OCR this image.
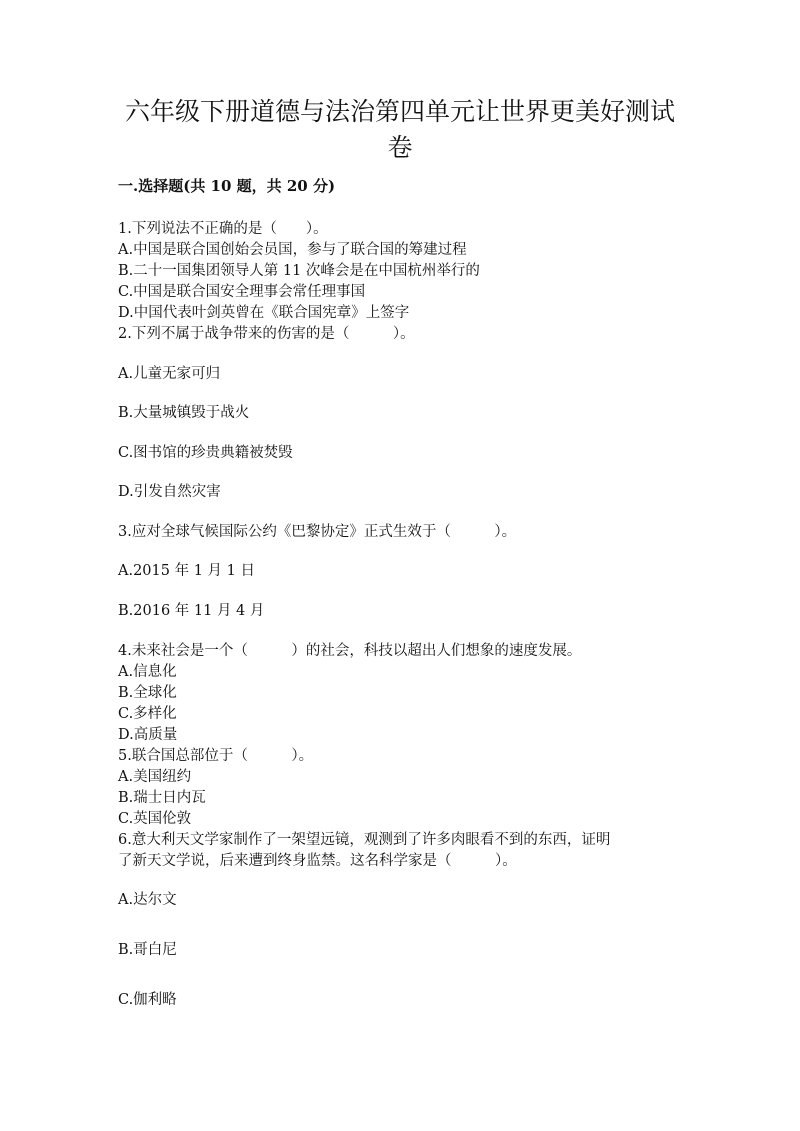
六年级下册道德与法治第四单元让世界更美好测试
卷

一.选择题(共 10 题，共 20 分)

1.下列说法不正确的是（　　）。

A.中国是联合国创始会员国，参与了联合国的筹建过程

B.二十一国集团领导人第 11 次峰会是在中国杭州举行的

C.中国是联合国安全理事会常任理事国

D.中国代表叶剑英曾在《联合国宪章》上签字

2.下列不属于战争带来的伤害的是（　　　）。

A.儿童无家可归

B.大量城镇毁于战火

C.图书馆的珍贵典籍被焚毁

D.引发自然灾害

3.应对全球气候国际公约《巴黎协定》正式生效于（　　　）。

A.2015 年 1 月 1 日

B.2016 年 11 月 4 月

4.未来社会是一个（　　　）的社会，科技以超出人们想象的速度发展。

A.信息化

B.全球化

C.多样化

D.高质量

5.联合国总部位于（　　　）。

A.美国纽约

B.瑞士日内瓦

C.英国伦敦

6.意大利天文学家制作了一架望远镜，观测到了许多肉眼看不到的东西，证明

了新天文学说，后来遭到终身监禁。这名科学家是（　　　）。

A.达尔文

B.哥白尼

C.伽利略
